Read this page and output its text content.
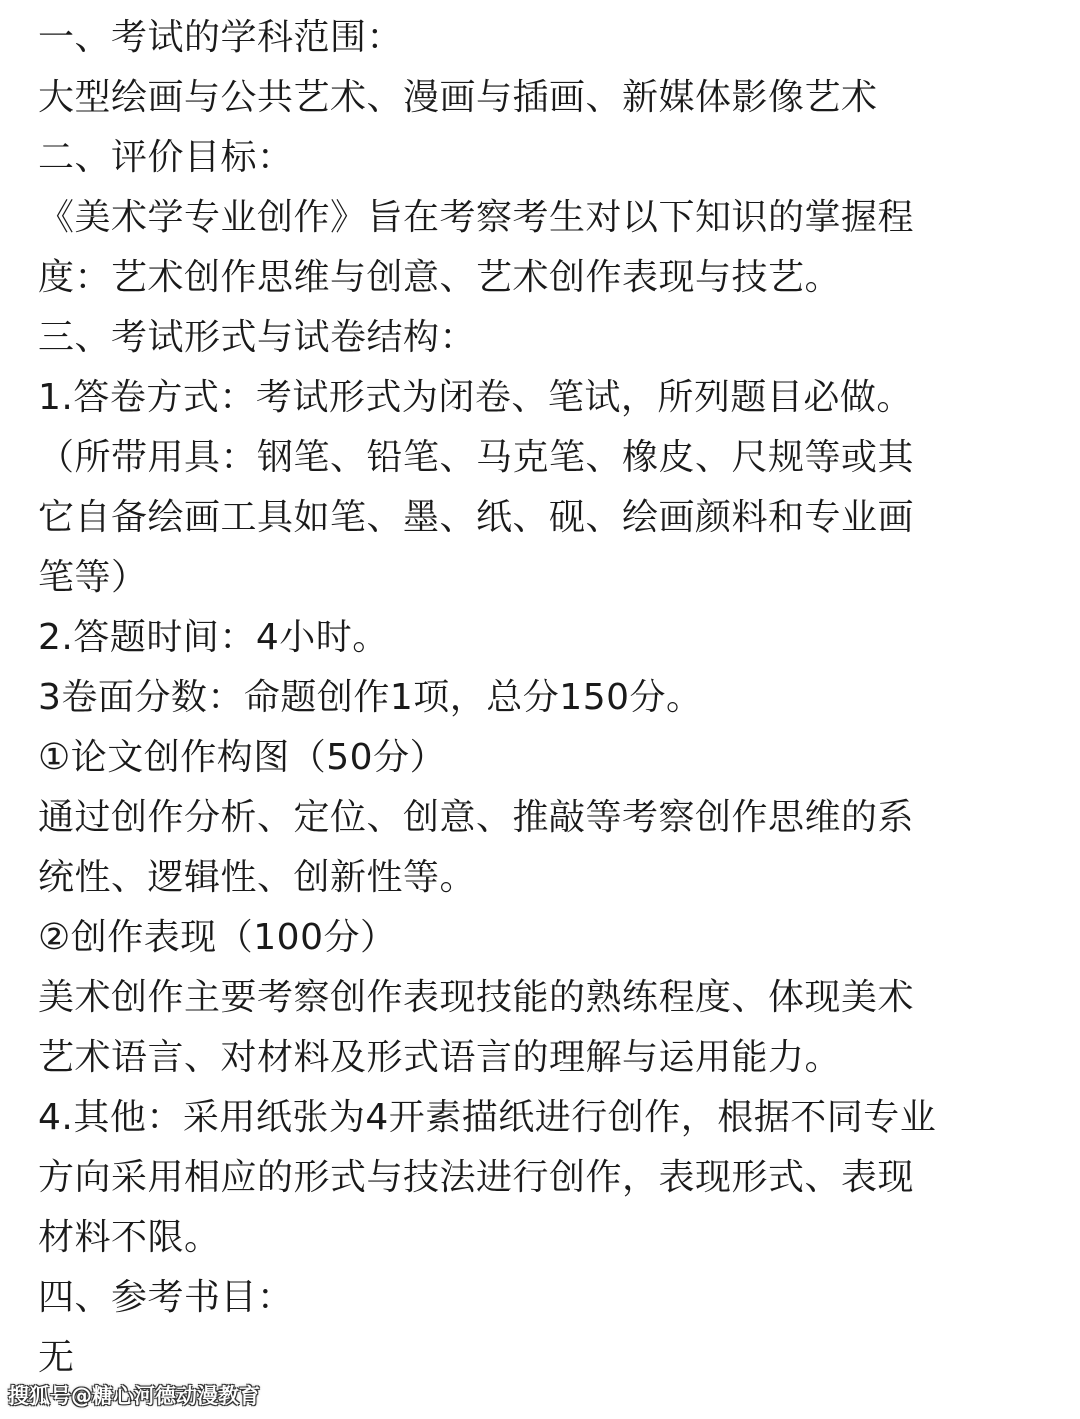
一、考试的学科范围：
大型绘画与公共艺术、漫画与插画、新媒体影像艺术
二、评价目标：
《美术学专业创作》旨在考察考生对以下知识的掌握程
度：艺术创作思维与创意、艺术创作表现与技艺。
三、考试形式与试卷结构：
1.答卷方式：考试形式为闭卷、笔试，所列题目必做。
（所带用具：钢笔、铅笔、马克笔、橡皮、尺规等或其
它自备绘画工具如笔、墨、纸、砚、绘画颜料和专业画
笔等）
2.答题时间：4小时。
3卷面分数：命题创作1项，总分150分。
①论文创作构图（50分）
通过创作分析、定位、创意、推敲等考察创作思维的系
统性、逻辑性、创新性等。
②创作表现（100分）
美术创作主要考察创作表现技能的熟练程度、体现美术
艺术语言、对材料及形式语言的理解与运用能力。
4.其他：采用纸张为4开素描纸进行创作，根据不同专业
方向采用相应的形式与技法进行创作，表现形式、表现
材料不限。
四、参考书目：
无
搜狐号@糖心河德动漫教育
